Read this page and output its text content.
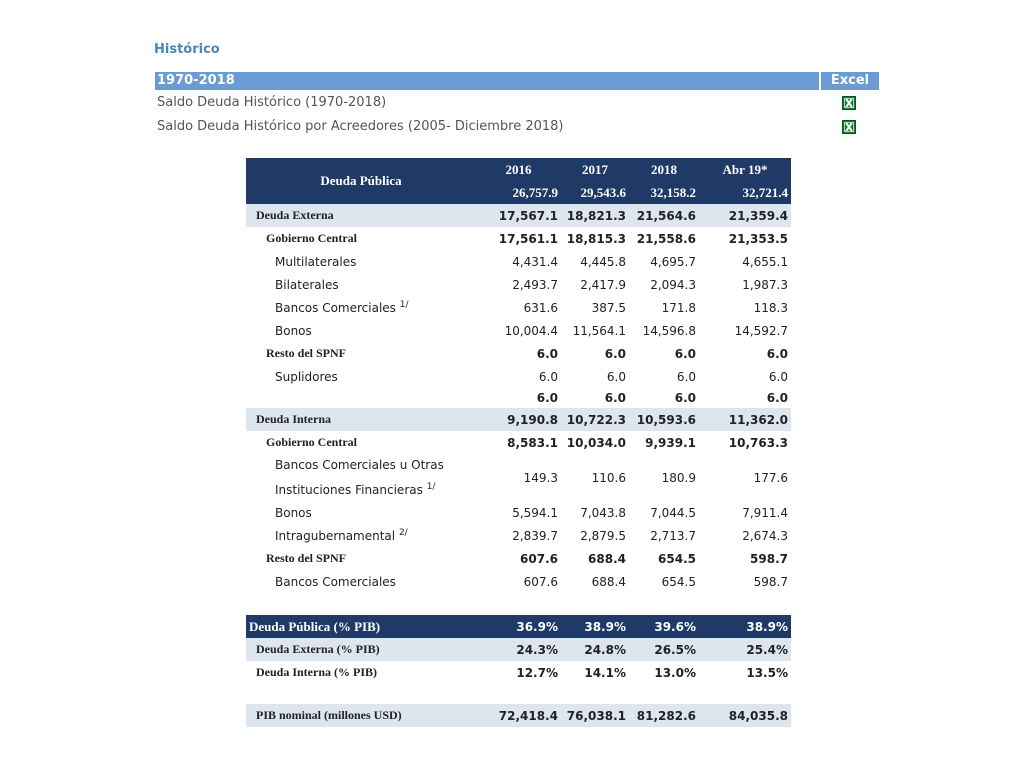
Histórico
1970-2018	Excel
Saldo Deuda Histórico (1970-2018)
Saldo Deuda Histórico por Acreedores (2005- Diciembre 2018)
Deuda Pública	2016	2017	2018	Abr 19*
	26,757.9	29,543.6	32,158.2	32,721.4
Deuda Externa	17,567.1	18,821.3	21,564.6	21,359.4
Gobierno Central	17,561.1	18,815.3	21,558.6	21,353.5
Multilaterales	4,431.4	4,445.8	4,695.7	4,655.1
Bilaterales	2,493.7	2,417.9	2,094.3	1,987.3
Bancos Comerciales $^{1/}$	631.6	387.5	171.8	118.3
Bonos	10,004.4	11,564.1	14,596.8	14,592.7
Resto del SPNF	6.0	6.0	6.0	6.0
Suplidores	6.0	6.0	6.0	6.0
	6.0	6.0	6.0	6.0
Deuda Interna	9,190.8	10,722.3	10,593.6	11,362.0
Gobierno Central	8,583.1	10,034.0	9,939.1	10,763.3
Bancos Comerciales u Otras
Instituciones Financieras $^{1/}$	149.3	110.6	180.9	177.6
Bonos	5,594.1	7,043.8	7,044.5	7,911.4
Intragubernamental $^{2/}$	2,839.7	2,879.5	2,713.7	2,674.3
Resto del SPNF	607.6	688.4	654.5	598.7
Bancos Comerciales	607.6	688.4	654.5	598.7

Deuda Pública (% PIB)	36.9%	38.9%	39.6%	38.9%
Deuda Externa (% PIB)	24.3%	24.8%	26.5%	25.4%
Deuda Interna (% PIB)	12.7%	14.1%	13.0%	13.5%

PIB nominal (millones USD)	72,418.4	76,038.1	81,282.6	84,035.8
